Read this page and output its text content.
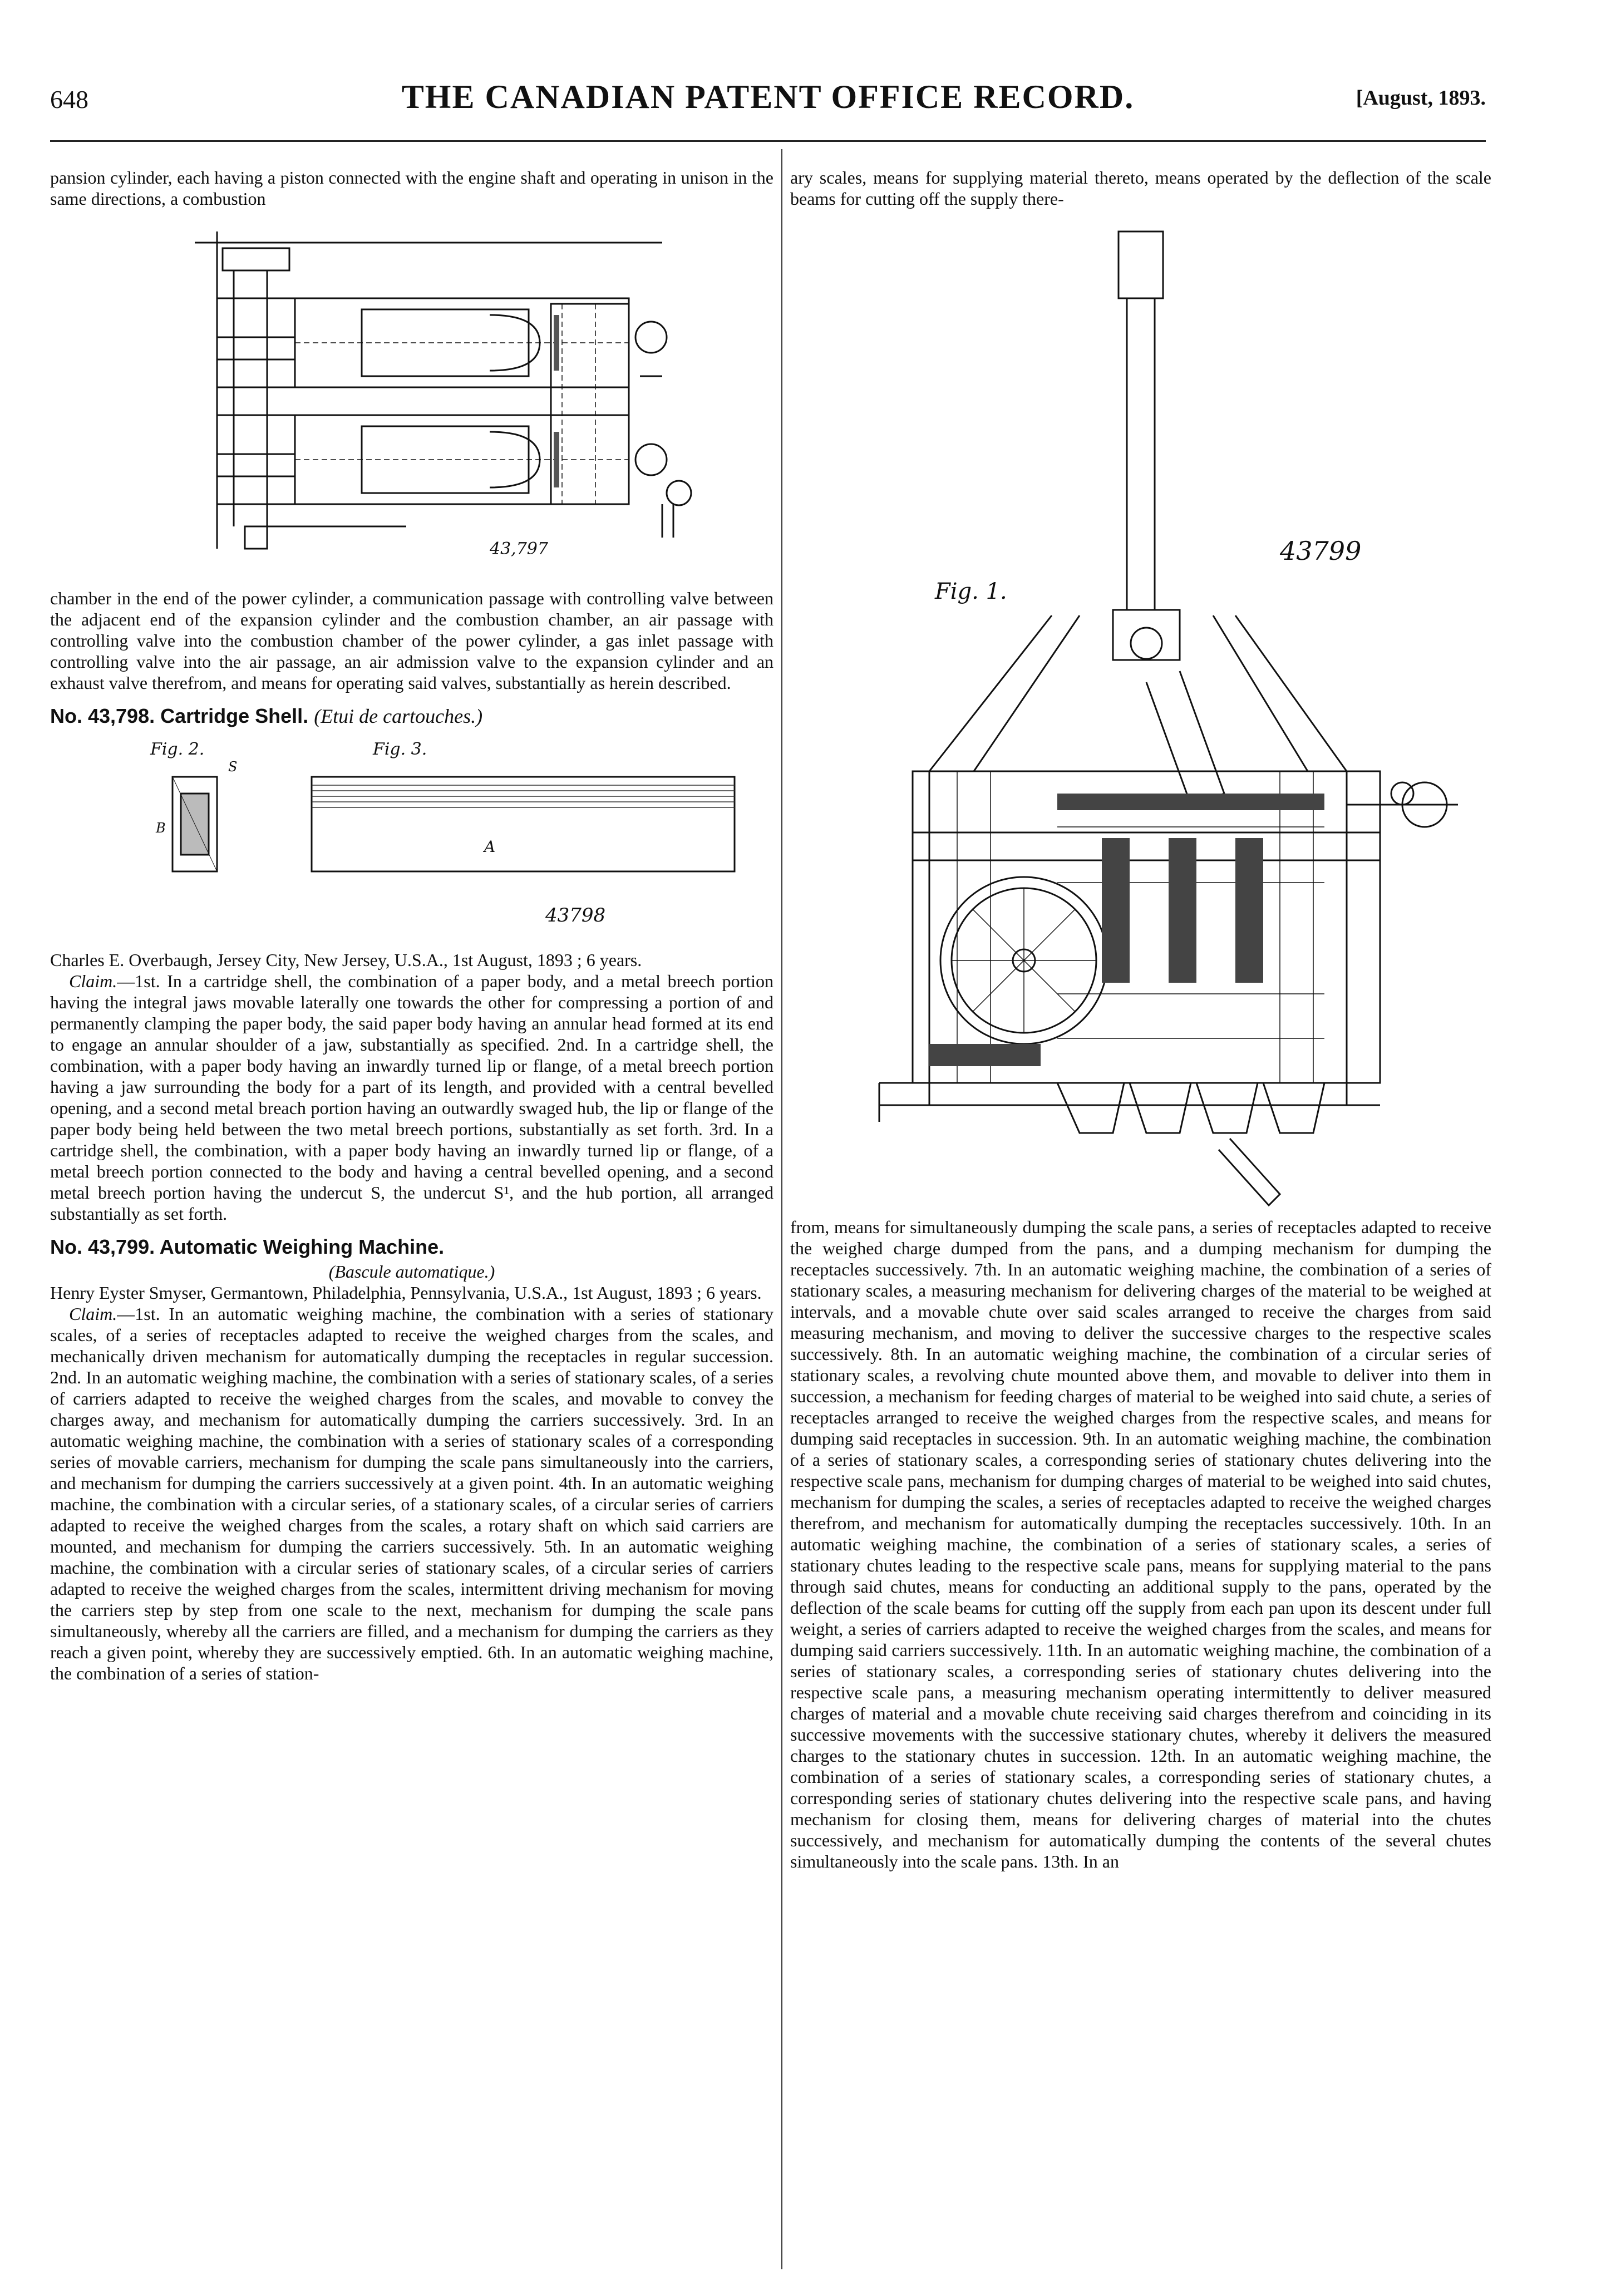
648	THE CANADIAN PATENT OFFICE RECORD.	[August, 1893.

pansion cylinder, each having a piston connected with the engine shaft and operating in unison in the same directions, a combustion

43,797

chamber in the end of the power cylinder, a communication passage with controlling valve between the adjacent end of the expansion cylinder and the combustion chamber, an air passage with controlling valve into the combustion chamber of the power cylinder, a gas inlet passage with controlling valve into the air passage, an air admission valve to the expansion cylinder and an exhaust valve therefrom, and means for operating said valves, substantially as herein described.

No. 43,798. Cartridge Shell. (Etui de cartouches.)
Fig. 2.	Fig. 3.
A
B
S
43798

Charles E. Overbaugh, Jersey City, New Jersey, U.S.A., 1st August, 1893 ; 6 years.

Claim.—1st. In a cartridge shell, the combination of a paper body, and a metal breech portion having the integral jaws movable laterally one towards the other for compressing a portion of and permanently clamping the paper body, the said paper body having an annular head formed at its end to engage an annular shoulder of a jaw, substantially as specified. 2nd. In a cartridge shell, the combination, with a paper body having an inwardly turned lip or flange, of a metal breech portion having a jaw surrounding the body for a part of its length, and provided with a central bevelled opening, and a second metal breach portion having an outwardly swaged hub, the lip or flange of the paper body being held between the two metal breech portions, substantially as set forth. 3rd. In a cartridge shell, the combination, with a paper body having an inwardly turned lip or flange, of a metal breech portion connected to the body and having a central bevelled opening, and a second metal breech portion having the undercut S, the undercut S¹, and the hub portion, all arranged substantially as set forth.

No. 43,799. Automatic Weighing Machine.

(Bascule automatique.)

Henry Eyster Smyser, Germantown, Philadelphia, Pennsylvania, U.S.A., 1st August, 1893 ; 6 years.

Claim.—1st. In an automatic weighing machine, the combination with a series of stationary scales, of a series of receptacles adapted to receive the weighed charges from the scales, and mechanically driven mechanism for automatically dumping the receptacles in regular succession. 2nd. In an automatic weighing machine, the combination with a series of stationary scales, of a series of carriers adapted to receive the weighed charges from the scales, and movable to convey the charges away, and mechanism for automatically dumping the carriers successively. 3rd. In an automatic weighing machine, the combination with a series of stationary scales of a corresponding series of movable carriers, mechanism for dumping the scale pans simultaneously into the carriers, and mechanism for dumping the carriers successively at a given point. 4th. In an automatic weighing machine, the combination with a circular series, of a stationary scales, of a circular series of carriers adapted to receive the weighed charges from the scales, a rotary shaft on which said carriers are mounted, and mechanism for dumping the carriers successively. 5th. In an automatic weighing machine, the combination with a circular series of stationary scales, of a circular series of carriers adapted to receive the weighed charges from the scales, intermittent driving mechanism for moving the carriers step by step from one scale to the next, mechanism for dumping the scale pans simultaneously, whereby all the carriers are filled, and a mechanism for dumping the carriers as they reach a given point, whereby they are successively emptied. 6th. In an automatic weighing machine, the combination of a series of station-

ary scales, means for supplying material thereto, means operated by the deflection of the scale beams for cutting off the supply there-

Fig. 1.
43799

from, means for simultaneously dumping the scale pans, a series of receptacles adapted to receive the weighed charge dumped from the pans, and a dumping mechanism for dumping the receptacles successively. 7th. In an automatic weighing machine, the combination of a series of stationary scales, a measuring mechanism for delivering charges of the material to be weighed at intervals, and a movable chute over said scales arranged to receive the charges from said measuring mechanism, and moving to deliver the successive charges to the respective scales successively. 8th. In an automatic weighing machine, the combination of a circular series of stationary scales, a revolving chute mounted above them, and movable to deliver into them in succession, a mechanism for feeding charges of material to be weighed into said chute, a series of receptacles arranged to receive the weighed charges from the respective scales, and means for dumping said receptacles in succession. 9th. In an automatic weighing machine, the combination of a series of stationary scales, a corresponding series of stationary chutes delivering into the respective scale pans, mechanism for dumping charges of material to be weighed into said chutes, mechanism for dumping the scales, a series of receptacles adapted to receive the weighed charges therefrom, and mechanism for automatically dumping the receptacles successively. 10th. In an automatic weighing machine, the combination of a series of stationary scales, a series of stationary chutes leading to the respective scale pans, means for supplying material to the pans through said chutes, means for conducting an additional supply to the pans, operated by the deflection of the scale beams for cutting off the supply from each pan upon its descent under full weight, a series of carriers adapted to receive the weighed charges from the scales, and means for dumping said carriers successively. 11th. In an automatic weighing machine, the combination of a series of stationary scales, a corresponding series of stationary chutes delivering into the respective scale pans, a measuring mechanism operating intermittently to deliver measured charges of material and a movable chute receiving said charges therefrom and coinciding in its successive movements with the successive stationary chutes, whereby it delivers the measured charges to the stationary chutes in succession. 12th. In an automatic weighing machine, the combination of a series of stationary scales, a corresponding series of stationary chutes, a corresponding series of stationary chutes delivering into the respective scale pans, and having mechanism for closing them, means for delivering charges of material into the chutes successively, and mechanism for automatically dumping the contents of the several chutes simultaneously into the scale pans. 13th. In an
